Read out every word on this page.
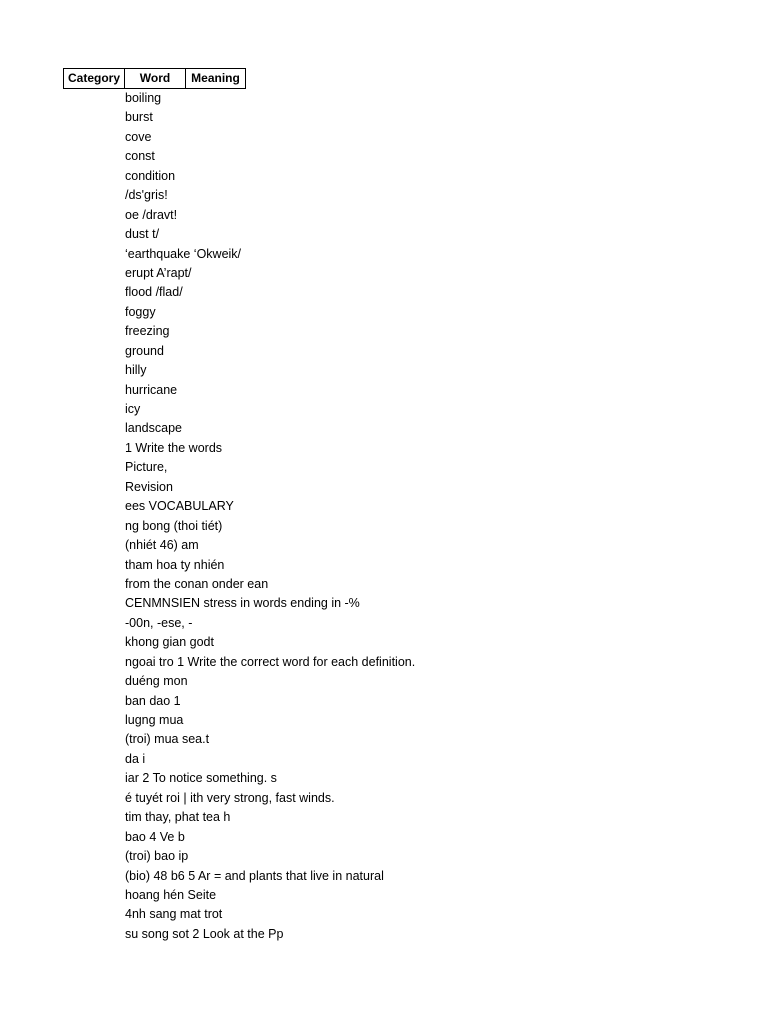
Category	Word	Meaning
boiling
burst
cove
const
condition
/ds'gris!
oe /dravt!
dust t/
‘earthquake ‘Okweik/
erupt A’rapt/
flood /flad/
foggy
freezing
ground
hilly
hurricane
icy
landscape
1 Write the words
Picture,
Revision
ees VOCABULARY
ng bong (thoi tiét)
(nhiét 46) am
tham hoa ty nhién
from the conan onder ean
CENMNSIEN stress in words ending in -%
-00n, -ese, -
khong gian godt
ngoai tro 1 Write the correct word for each definition.
duéng mon
ban dao 1
lugng mua
(troi) mua sea.t
da i
iar 2 To notice something. s
é tuyét roi | ith very strong, fast winds.
tim thay, phat tea h
bao 4 Ve b
(troi) bao ip
(bio) 48 b6 5 Ar = and plants that live in natural
hoang hén Seite
4nh sang mat trot
su song sot 2 Look at the Pp
